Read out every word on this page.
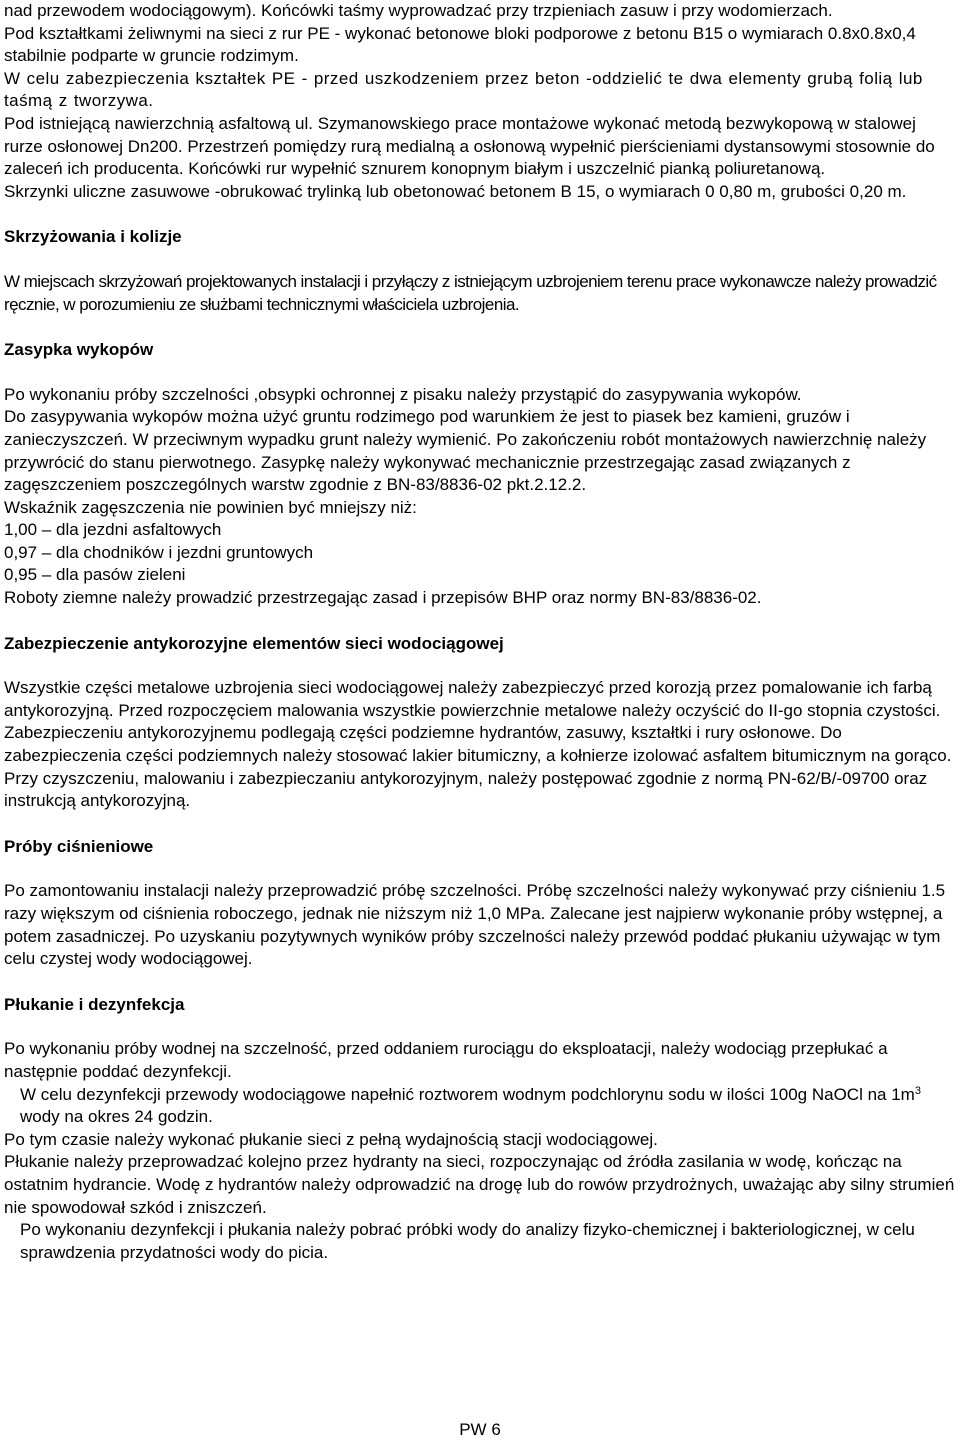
nad przewodem wodociągowym). Końcówki taśmy wyprowadzać przy trzpieniach zasuw i przy wodomierzach.

Pod kształtkami żeliwnymi na sieci z rur PE - wykonać betonowe bloki podporowe z betonu B15 o wymiarach 0.8x0.8x0,4 stabilnie podparte w gruncie rodzimym.

W celu zabezpieczenia kształtek PE - przed uszkodzeniem przez beton -oddzielić te dwa elementy grubą folią lub taśmą z tworzywa.

Pod istniejącą nawierzchnią asfaltową ul. Szymanowskiego prace montażowe wykonać metodą bezwykopową w stalowej rurze osłonowej Dn200. Przestrzeń pomiędzy rurą medialną a osłonową wypełnić pierścieniami dystansowymi stosownie do zaleceń ich producenta. Końcówki rur wypełnić sznurem konopnym białym i uszczelnić pianką poliuretanową.

Skrzynki uliczne zasuwowe -obrukować trylinką lub obetonować betonem B 15, o wymiarach 0 0,80 m, grubości 0,20 m.

Skrzyżowania i kolizje

W miejscach skrzyżowań projektowanych instalacji i przyłączy z istniejącym uzbrojeniem terenu prace wykonawcze należy prowadzić ręcznie, w porozumieniu ze służbami technicznymi właściciela uzbrojenia.

Zasypka wykopów

Po wykonaniu próby szczelności ,obsypki ochronnej z pisaku należy przystąpić do zasypywania wykopów.

Do zasypywania wykopów można użyć gruntu rodzimego pod warunkiem że jest to piasek bez kamieni, gruzów i zanieczyszczeń. W przeciwnym wypadku grunt należy wymienić. Po zakończeniu robót montażowych nawierzchnię należy przywrócić do stanu pierwotnego. Zasypkę należy wykonywać mechanicznie przestrzegając zasad związanych z zagęszczeniem poszczególnych warstw zgodnie z BN-83/8836-02 pkt.2.12.2.

Wskaźnik zagęszczenia nie powinien być mniejszy niż:

1,00 – dla jezdni asfaltowych

0,97 – dla chodników i jezdni gruntowych

0,95 – dla pasów zieleni

Roboty ziemne należy prowadzić przestrzegając zasad i przepisów BHP oraz normy BN-83/8836-02.

Zabezpieczenie antykorozyjne elementów sieci wodociągowej

Wszystkie części metalowe uzbrojenia sieci wodociągowej należy zabezpieczyć przed korozją przez pomalowanie ich farbą antykorozyjną. Przed rozpoczęciem malowania wszystkie powierzchnie metalowe należy oczyścić do II-go stopnia czystości. Zabezpieczeniu antykorozyjnemu podlegają części podziemne hydrantów, zasuwy, kształtki i rury osłonowe. Do zabezpieczenia części podziemnych należy stosować lakier bitumiczny, a kołnierze izolować asfaltem bitumicznym na gorąco. Przy czyszczeniu, malowaniu i zabezpieczaniu antykorozyjnym, należy postępować zgodnie z normą PN-62/B/-09700 oraz instrukcją antykorozyjną.

Próby ciśnieniowe

Po zamontowaniu instalacji należy przeprowadzić próbę szczelności. Próbę szczelności należy wykonywać przy ciśnieniu 1.5 razy większym od ciśnienia roboczego, jednak nie niższym niż 1,0 MPa. Zalecane jest najpierw wykonanie próby wstępnej, a potem zasadniczej. Po uzyskaniu pozytywnych wyników próby szczelności należy przewód poddać płukaniu używając w tym celu czystej wody wodociągowej.

Płukanie i dezynfekcja

Po wykonaniu próby wodnej na szczelność, przed oddaniem rurociągu do eksploatacji, należy wodociąg przepłukać a następnie poddać dezynfekcji.

W celu dezynfekcji przewody wodociągowe napełnić roztworem wodnym podchlorynu sodu w ilości 100g NaOCl na $1m^3$ wody na okres 24 godzin.

Po tym czasie należy wykonać płukanie sieci z pełną wydajnością stacji wodociągowej.

Płukanie należy przeprowadzać kolejno przez hydranty na sieci, rozpoczynając od źródła zasilania w wodę, kończąc na ostatnim hydrancie. Wodę z hydrantów należy odprowadzić na drogę lub do rowów przydrożnych, uważając aby silny strumień nie spowodował szkód i zniszczeń.

Po wykonaniu dezynfekcji i płukania należy pobrać próbki wody do analizy fizyko-chemicznej i bakteriologicznej, w celu sprawdzenia przydatności wody do picia.

PW 6
